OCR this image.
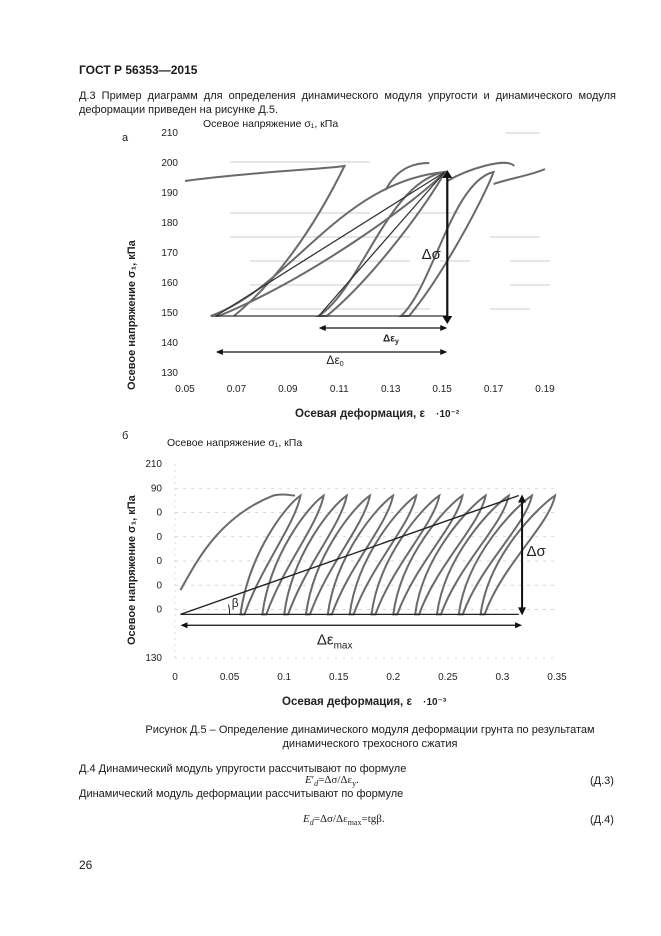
ГОСТ Р 56353—2015
Д.3 Пример диаграмм для определения динамического модуля упругости и динамического модуля деформации приведен на рисунке Д.5.
а
Осевое напряжение σ₁, кПа
130
140
150
160
170
180
190
200
210
0.05	0.07	0.09	0.11	0.13	0.15	0.17	0.19
Δσ
$\Delta\varepsilon_y$
Δε0
Осевое напряжение σ₁, кПа
Осевая деформация, ε ·10⁻²
б
Осевое напряжение σ₁, кПа
130
210
90
0
0
0
0
0
0	0.05	0.1	0.15	0.2	0.25	0.3	0.35
β
Δσ
$\Delta\varepsilon_{max}$
Осевое напряжение σ₁, кПа
Осевая деформация, ε ·10⁻³
Рисунок Д.5 – Определение динамического модуля деформации грунта по результатам
динамического трехосного сжатия
Д.4 Динамический модуль упругости рассчитывают по формуле
$E'_d=\Delta\sigma/\Delta\varepsilon_у$.	(Д.3)
Динамический модуль деформации рассчитывают по формуле
$E_d=\Delta\sigma/\Delta\varepsilon_{max}=tg\beta$.	(Д.4)
26
